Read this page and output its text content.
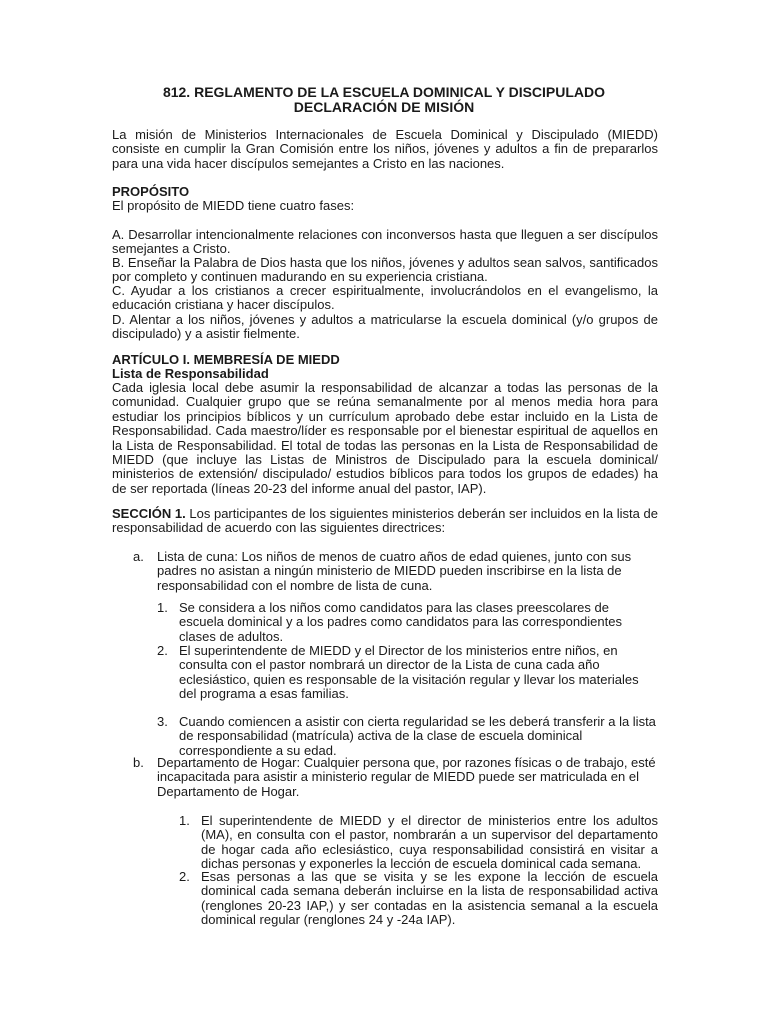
812. REGLAMENTO DE LA ESCUELA DOMINICAL Y DISCIPULADO
DECLARACIÓN DE MISIÓN
La misión de Ministerios Internacionales de Escuela Dominical y Discipulado (MIEDD) consiste en cumplir la Gran Comisión entre los niños, jóvenes y adultos a fin de prepararlos para una vida hacer discípulos semejantes a Cristo en las naciones.
PROPÓSITO
El propósito de MIEDD tiene cuatro fases:
A. Desarrollar intencionalmente relaciones con inconversos hasta que lleguen a ser discípulos semejantes a Cristo.
B. Enseñar la Palabra de Dios hasta que los niños, jóvenes y adultos sean salvos, santificados por completo y continuen madurando en su experiencia cristiana.
C. Ayudar a los cristianos a crecer espiritualmente, involucrándolos en el evangelismo, la educación cristiana y hacer discípulos.
D. Alentar a los niños, jóvenes y adultos a matricularse la escuela dominical (y/o grupos de discipulado) y a asistir fielmente.
ARTÍCULO I. MEMBRESÍA DE MIEDD
Lista de Responsabilidad
Cada iglesia local debe asumir la responsabilidad de alcanzar a todas las personas de la comunidad. Cualquier grupo que se reúna semanalmente por al menos media hora para estudiar los principios bíblicos y un currículum aprobado debe estar incluido en la Lista de Responsabilidad. Cada maestro/líder es responsable por el bienestar espiritual de aquellos en la Lista de Responsabilidad. El total de todas las personas en la Lista de Responsabilidad de MIEDD (que incluye las Listas de Ministros de Discipulado para la escuela dominical/ ministerios de extensión/ discipulado/ estudios bíblicos para todos los grupos de edades) ha de ser reportada (líneas 20-23 del informe anual del pastor, IAP).
SECCIÓN 1. Los participantes de los siguientes ministerios deberán ser incluidos en la lista de responsabilidad de acuerdo con las siguientes directrices:
a. Lista de cuna: Los niños de menos de cuatro años de edad quienes, junto con sus padres no asistan a ningún ministerio de MIEDD pueden inscribirse en la lista de responsabilidad con el nombre de lista de cuna.
1. Se considera a los niños como candidatos para las clases preescolares de escuela dominical y a los padres como candidatos para las correspondientes clases de adultos.
2. El superintendente de MIEDD y el Director de los ministerios entre niños, en consulta con el pastor nombrará un director de la Lista de cuna cada año eclesiástico, quien es responsable de la visitación regular y llevar los materiales del programa a esas familias.
3. Cuando comiencen a asistir con cierta regularidad se les deberá transferir a la lista de responsabilidad (matrícula) activa de la clase de escuela dominical correspondiente a su edad.
b. Departamento de Hogar: Cualquier persona que, por razones físicas o de trabajo, esté incapacitada para asistir a ministerio regular de MIEDD puede ser matriculada en el Departamento de Hogar.
1. El superintendente de MIEDD y el director de ministerios entre los adultos (MA), en consulta con el pastor, nombrarán a un supervisor del departamento de hogar cada año eclesiástico, cuya responsabilidad consistirá en visitar a dichas personas y exponerles la lección de escuela dominical cada semana.
2. Esas personas a las que se visita y se les expone la lección de escuela dominical cada semana deberán incluirse en la lista de responsabilidad activa (renglones 20-23 IAP,) y ser contadas en la asistencia semanal a la escuela dominical regular (renglones 24 y -24a IAP).
